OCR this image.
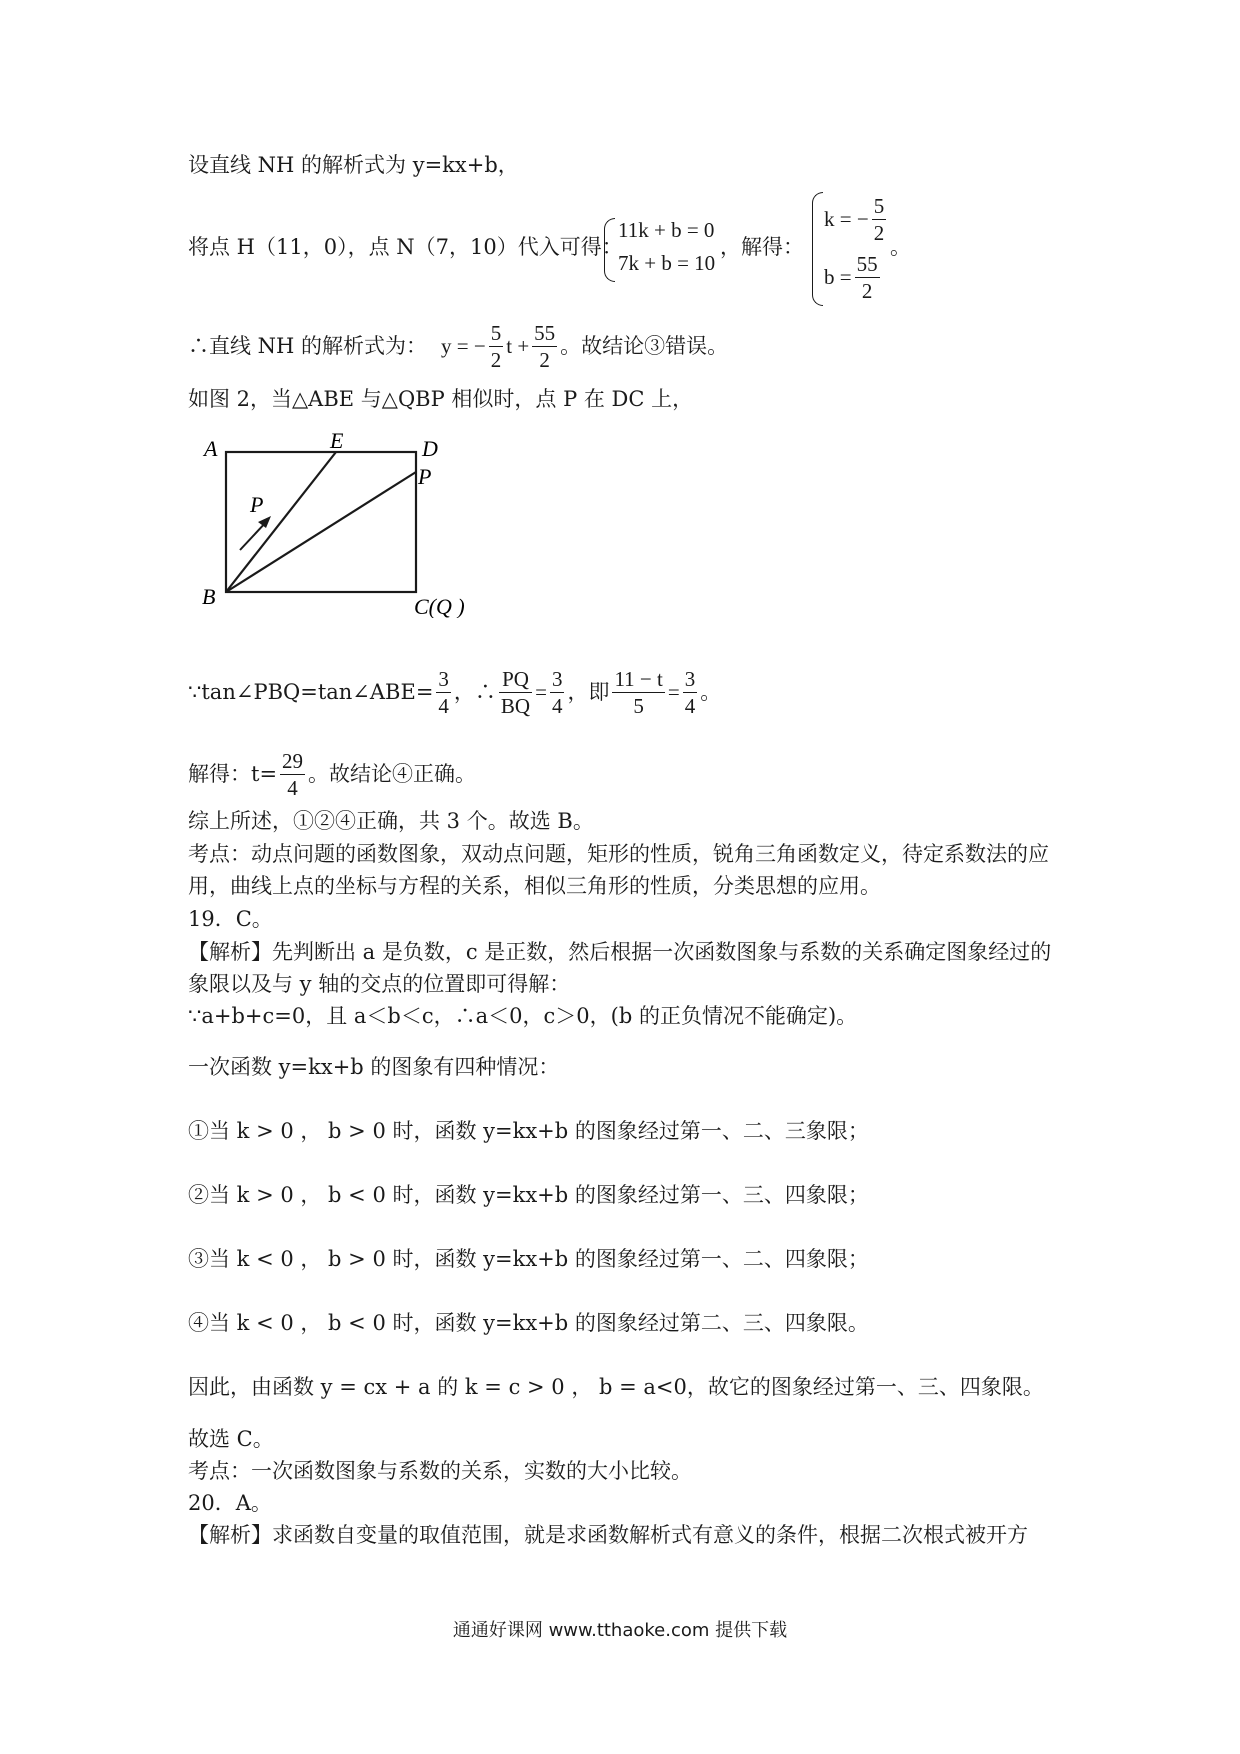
设直线 NH 的解析式为 y=kx+b，
将点 H（11，0），点 N（7，10）代入可得：
11k + b = 0
7k + b = 10
，解得：
k = − $\frac{5}{2}$
$b = \frac{55}{2}$
。
∴直线 NH 的解析式为： y = − $\frac{5}{2}$ $t + \frac{55}{2}$ 。故结论③错误。
如图 2，当△ABE 与△QBP 相似时，点 P 在 DC 上，
A	E	D
P
P
B	C(Q )
∵tan∠PBQ=tan∠ABE= $\frac{3}{4}$ ，∴ $\frac{PQ}{BQ} = \frac{3}{4}$ ，即 $\frac{11 - t}{5} = \frac{3}{4}$ 。
解得：$t= \frac{29}{4}$ 。故结论④正确。
综上所述，①②④正确，共 3 个。故选 B。
考点：动点问题的函数图象，双动点问题，矩形的性质，锐角三角函数定义，待定系数法的应用，曲线上点的坐标与方程的关系，相似三角形的性质，分类思想的应用。
19．C。
【解析】先判断出 a 是负数，c 是正数，然后根据一次函数图象与系数的关系确定图象经过的象限以及与 y 轴的交点的位置即可得解：
∵a+b+c=0，且 a＜b＜c，∴a＜0，c＞0，(b 的正负情况不能确定)。
一次函数 y=kx+b 的图象有四种情况：
①当 k > 0 ， b > 0 时，函数 y=kx+b 的图象经过第一、二、三象限；
②当 k > 0 ， b < 0 时，函数 y=kx+b 的图象经过第一、三、四象限；
③当 k < 0 ， b > 0 时，函数 y=kx+b 的图象经过第一、二、四象限；
④当 k < 0 ， b < 0 时，函数 y=kx+b 的图象经过第二、三、四象限。
因此，由函数 y = cx + a 的 k = c > 0 ， b = a<0，故它的图象经过第一、三、四象限。
故选 C。
考点：一次函数图象与系数的关系，实数的大小比较。
20．A。
【解析】求函数自变量的取值范围，就是求函数解析式有意义的条件，根据二次根式被开方
通通好课网 www.tthaoke.com 提供下载
